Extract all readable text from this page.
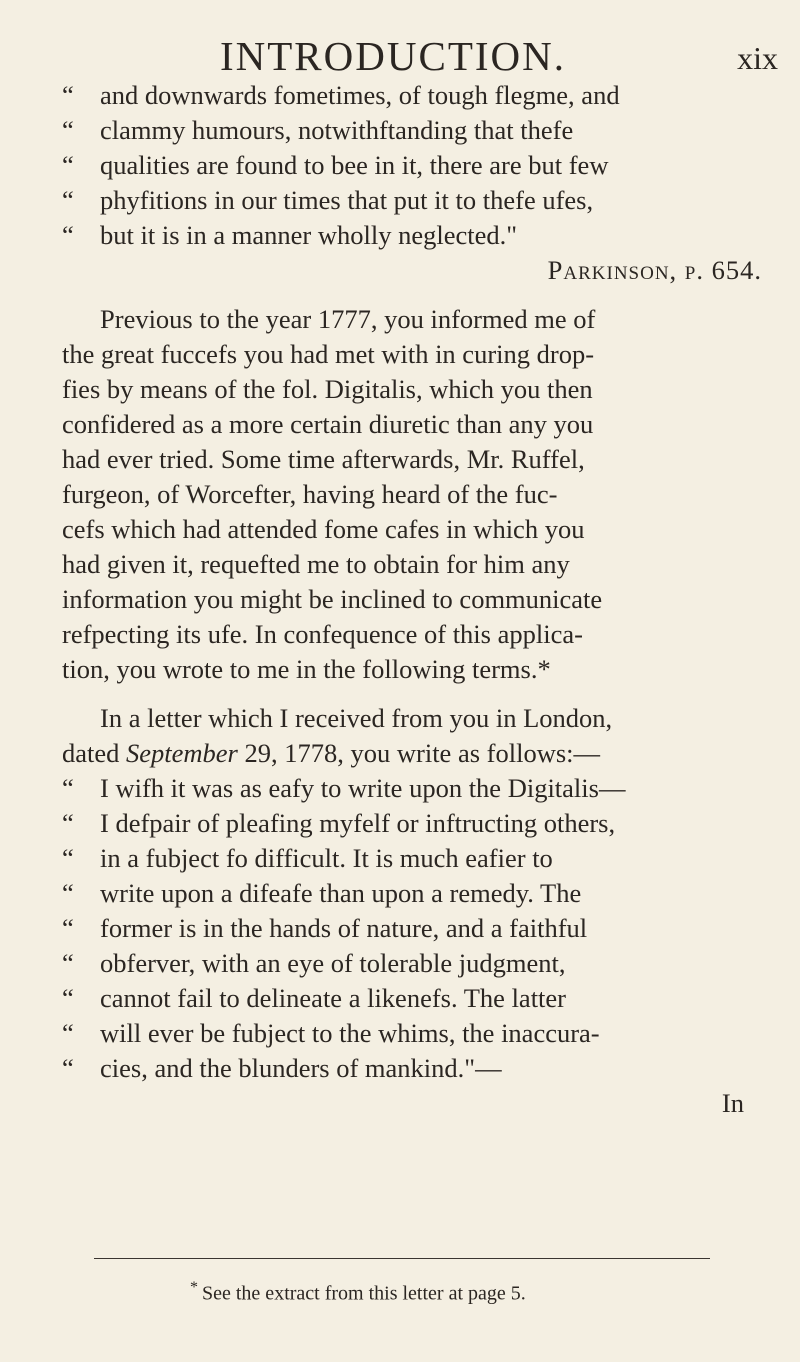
INTRODUCTION.	xix
“ and downwards fometimes, of tough flegme, and
“ clammy humours, notwithftanding that thefe
“ qualities are found to bee in it, there are but few
“ phyfitions in our times that put it to thefe ufes,
“ but it is in a manner wholly neglected."
Parkinson, p. 654.
Previous to the year 1777, you informed me of
the great fuccefs you had met with in curing drop-
fies by means of the fol. Digitalis, which you then
confidered as a more certain diuretic than any you
had ever tried. Some time afterwards, Mr. Ruffel,
furgeon, of Worcefter, having heard of the fuc-
cefs which had attended fome cafes in which you
had given it, requefted me to obtain for him any
information you might be inclined to communicate
refpecting its ufe. In confequence of this applica-
tion, you wrote to me in the following terms.*
In a letter which I received from you in London,
dated September 29, 1778, you write as follows:—
“ I wifh it was as eafy to write upon the Digitalis—
“ I defpair of pleafing myfelf or inftructing others,
“ in a fubject fo difficult. It is much eafier to
“ write upon a difeafe than upon a remedy. The
“ former is in the hands of nature, and a faithful
“ obferver, with an eye of tolerable judgment,
“ cannot fail to delineate a likenefs. The latter
“ will ever be fubject to the whims, the inaccura-
“ cies, and the blunders of mankind."—
In
* See the extract from this letter at page 5.
